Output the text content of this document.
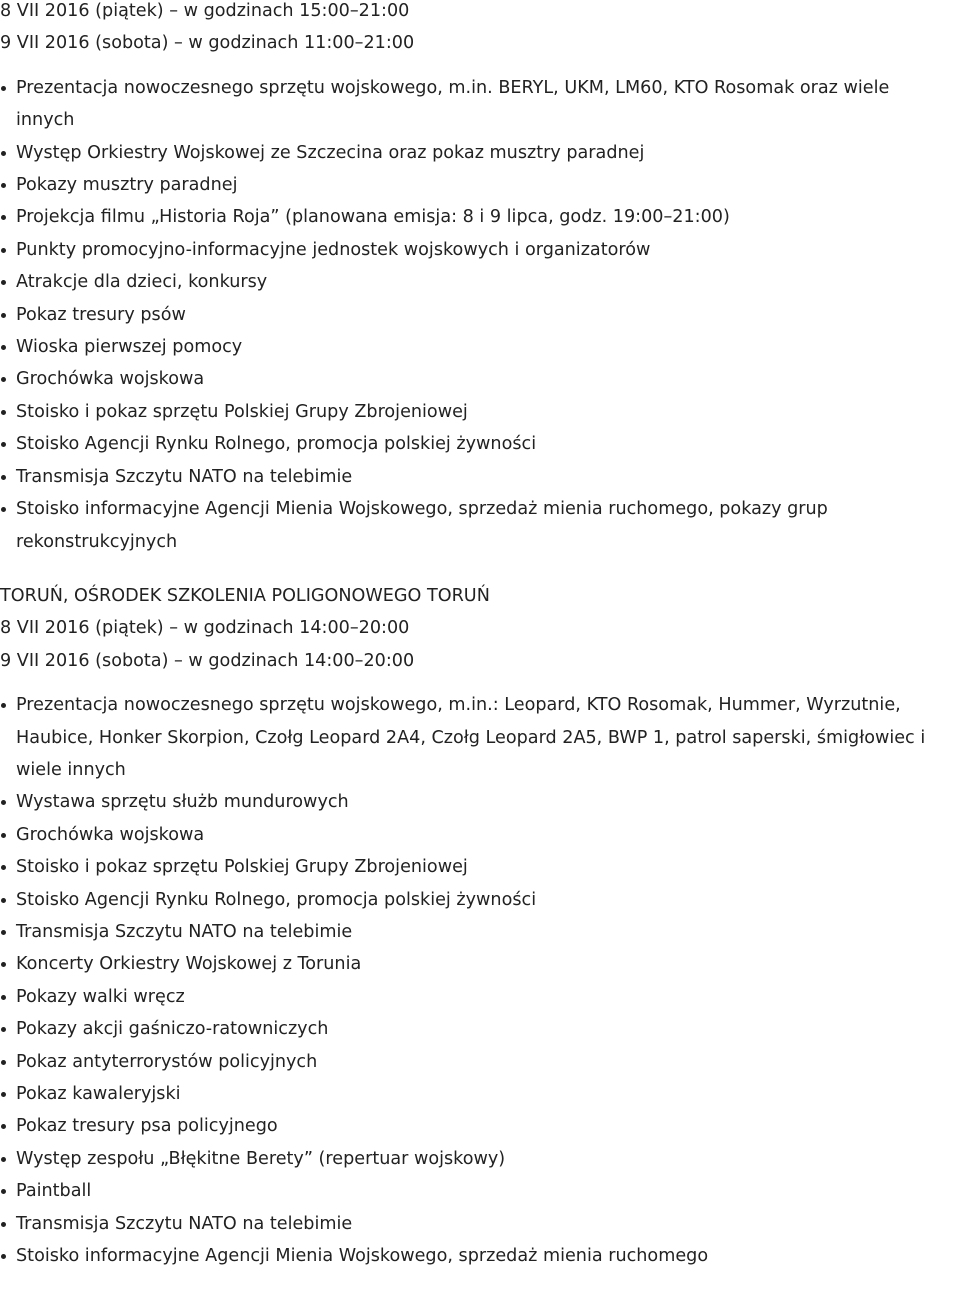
8 VII 2016 (piątek) – w godzinach 15:00–21:00

9 VII 2016 (sobota) – w godzinach 11:00–21:00

Prezentacja nowoczesnego sprzętu wojskowego, m.in. BERYL, UKM, LM60, KTO Rosomak oraz wiele innych
Występ Orkiestry Wojskowej ze Szczecina oraz pokaz musztry paradnej
Pokazy musztry paradnej
Projekcja filmu „Historia Roja” (planowana emisja: 8 i 9 lipca, godz. 19:00–21:00)
Punkty promocyjno-informacyjne jednostek wojskowych i organizatorów
Atrakcje dla dzieci, konkursy
Pokaz tresury psów
Wioska pierwszej pomocy
Grochówka wojskowa
Stoisko i pokaz sprzętu Polskiej Grupy Zbrojeniowej
Stoisko Agencji Rynku Rolnego, promocja polskiej żywności
Transmisja Szczytu NATO na telebimie
Stoisko informacyjne Agencji Mienia Wojskowego, sprzedaż mienia ruchomego, pokazy grup rekonstrukcyjnych

TORUŃ, OŚRODEK SZKOLENIA POLIGONOWEGO TORUŃ

8 VII 2016 (piątek) – w godzinach 14:00–20:00

9 VII 2016 (sobota) – w godzinach 14:00–20:00

Prezentacja nowoczesnego sprzętu wojskowego, m.in.: Leopard, KTO Rosomak, Hummer, Wyrzutnie, Haubice, Honker Skorpion, Czołg Leopard 2A4, Czołg Leopard 2A5, BWP 1, patrol saperski, śmigłowiec i wiele innych
Wystawa sprzętu służb mundurowych
Grochówka wojskowa
Stoisko i pokaz sprzętu Polskiej Grupy Zbrojeniowej
Stoisko Agencji Rynku Rolnego, promocja polskiej żywności
Transmisja Szczytu NATO na telebimie
Koncerty Orkiestry Wojskowej z Torunia
Pokazy walki wręcz
Pokazy akcji gaśniczo-ratowniczych
Pokaz antyterrorystów policyjnych
Pokaz kawaleryjski
Pokaz tresury psa policyjnego
Występ zespołu „Błękitne Berety” (repertuar wojskowy)
Paintball
Transmisja Szczytu NATO na telebimie
Stoisko informacyjne Agencji Mienia Wojskowego, sprzedaż mienia ruchomego
